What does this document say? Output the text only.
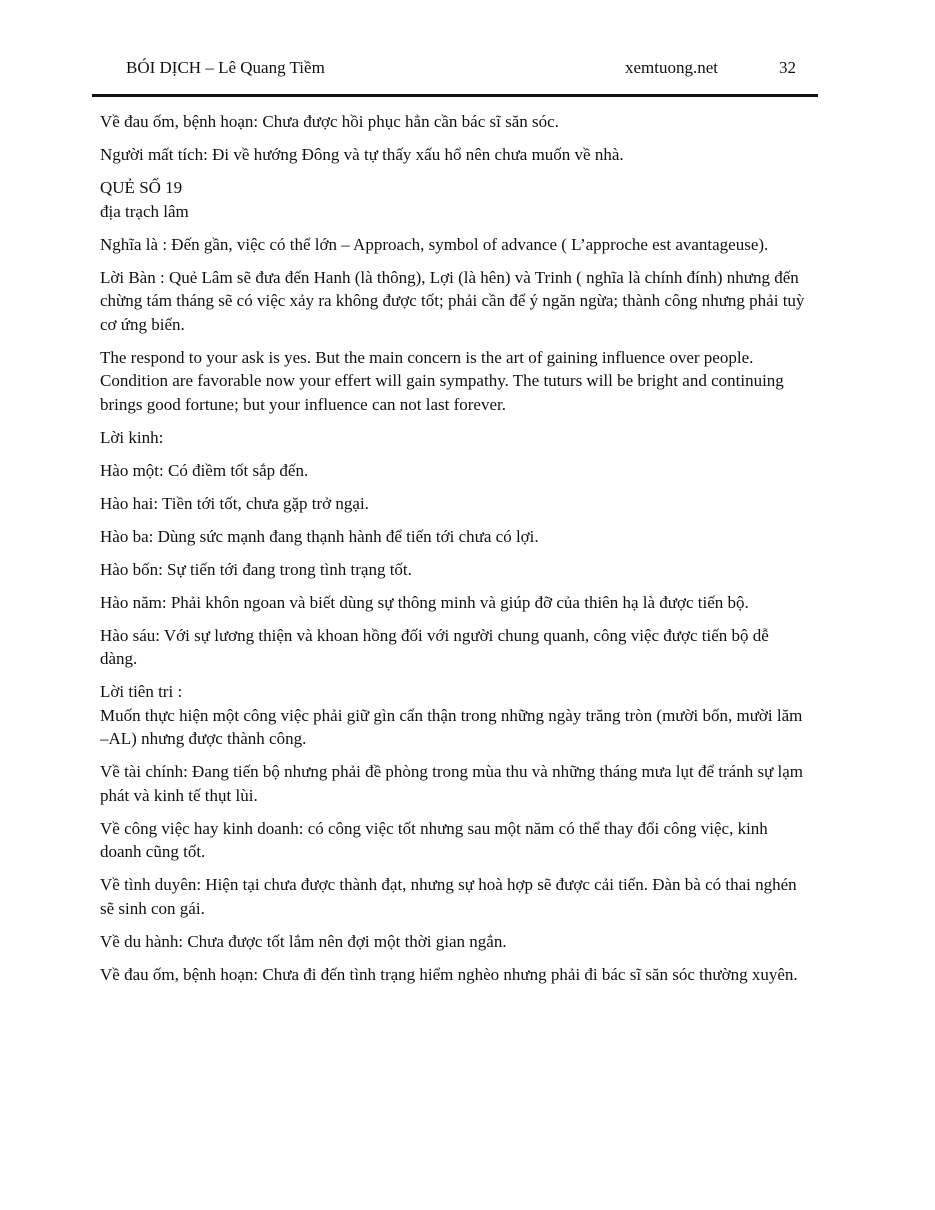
BÓI DỊCH – Lê Quang Tiềm	xemtuong.net	32

Về đau ốm, bệnh hoạn: Chưa được hồi phục hẳn cần bác sĩ săn sóc.

Người mất tích: Đi về hướng Đông và tự thấy xấu hổ nên chưa muốn về nhà.

QUẺ SỐ 19

địa trạch lâm

Nghĩa là : Đến gần, việc có thể lớn – Approach, symbol of advance ( L’approche est avantageuse).

Lời Bàn : Quẻ Lâm sẽ đưa đến Hanh (là thông), Lợi (là hên) và Trinh ( nghĩa là chính đính) nhưng đến chừng tám tháng sẽ có việc xảy ra không được tốt; phải cần để ý ngăn ngừa; thành công nhưng phải tuỳ cơ ứng biến.

The respond to your ask is yes. But the main concern is the art of gaining influence over people. Condition are favorable now your effert will gain sympathy. The tuturs will be bright and continuing brings good fortune; but your influence can not last forever.

Lời kinh:

Hào một: Có điềm tốt sắp đến.

Hào hai: Tiền tới tốt, chưa gặp trở ngại.

Hào ba: Dùng sức mạnh đang thạnh hành để tiến tới chưa có lợi.

Hào bốn: Sự tiến tới đang trong tình trạng tốt.

Hào năm: Phải khôn ngoan và biết dùng sự thông minh và giúp đỡ của thiên hạ là được tiến bộ.

Hào sáu: Với sự lương thiện và khoan hồng đối với người chung quanh, công việc được tiến bộ dễ dàng.

Lời tiên tri :

Muốn thực hiện một công việc phải giữ gìn cẩn thận trong những ngày trăng tròn (mười bốn, mười lăm –AL) nhưng được thành công.

Về tài chính: Đang tiến bộ nhưng phải đề phòng trong mùa thu và những tháng mưa lụt để tránh sự lạm phát và kinh tế thụt lùi.

Về công việc hay kinh doanh: có công việc tốt nhưng sau một năm có thể thay đổi công việc, kinh doanh cũng tốt.

Về tình duyên: Hiện tại chưa được thành đạt, nhưng sự hoà hợp sẽ được cải tiến. Đàn bà có thai nghén sẽ sinh con gái.

Về du hành: Chưa được tốt lắm nên đợi một thời gian ngắn.

Về đau ốm, bệnh hoạn: Chưa đi đến tình trạng hiểm nghèo nhưng phải đi bác sĩ săn sóc thường xuyên.
